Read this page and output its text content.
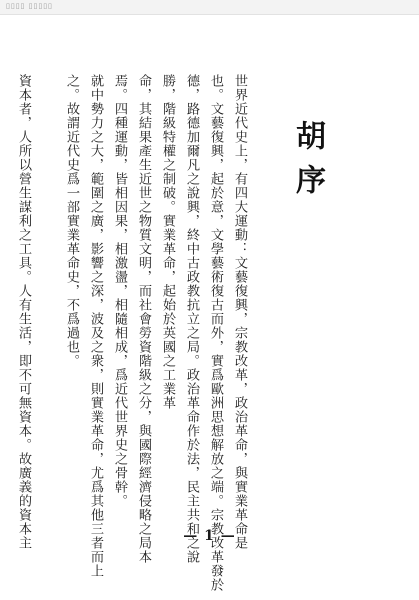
▯▯▯▯ ▯▯▯▯▯
胡序
世界近代史上，有四大運動：文藝復興，宗教改革，政治革命，與實業革命是
也。文藝復興，起於意，文學藝術復古而外，實爲歐洲思想解放之端。宗教改革發於
德，路德加爾凡之說興，終中古政教抗立之局。政治革命作於法，民主共和之說
勝，階級特權之制破。實業革命，起始於英國之工業革
命，其結果產生近世之物質文明，而社會勞資階級之分，與國際經濟侵略之局本
焉。四種運動，皆相因果，相激盪，相隨相成，爲近代世界史之骨幹。
就中勢力之大，範圍之廣，影響之深，波及之衆，則實業革命，尤爲其他三者而上
之。故謂近代史爲一部實業革命史，不爲過也。
資本者，人所以營生謀利之工具。人有生活，即不可無資本。故廣義的資本主	— 1 —
